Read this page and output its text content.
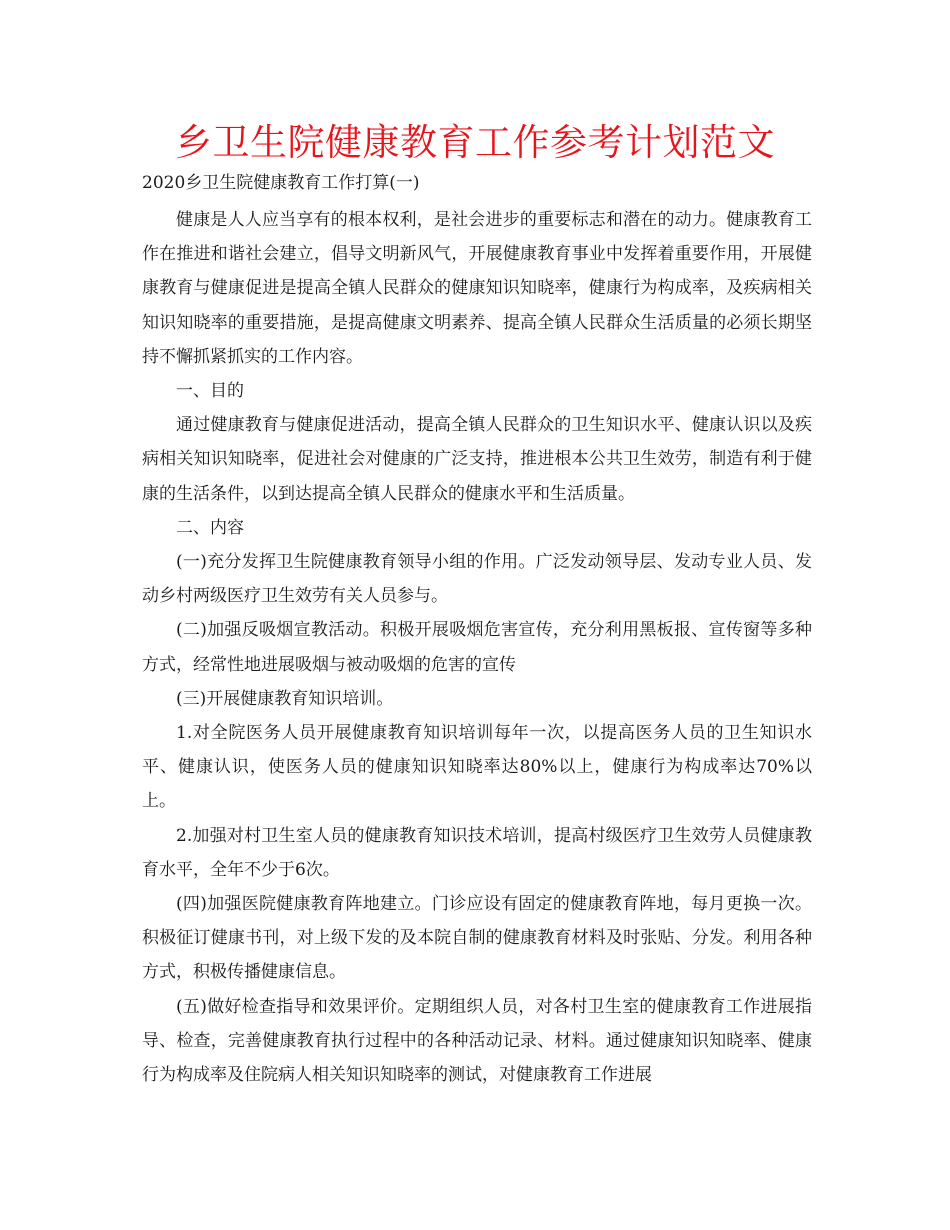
乡卫生院健康教育工作参考计划范文

2020乡卫生院健康教育工作打算(一)

健康是人人应当享有的根本权利，是社会进步的重要标志和潜在的动力。健康教育工作在推进和谐社会建立，倡导文明新风气，开展健康教育事业中发挥着重要作用，开展健康教育与健康促进是提高全镇人民群众的健康知识知晓率，健康行为构成率，及疾病相关知识知晓率的重要措施，是提高健康文明素养、提高全镇人民群众生活质量的必须长期坚持不懈抓紧抓实的工作内容。

一、目的

通过健康教育与健康促进活动，提高全镇人民群众的卫生知识水平、健康认识以及疾病相关知识知晓率，促进社会对健康的广泛支持，推进根本公共卫生效劳，制造有利于健康的生活条件，以到达提高全镇人民群众的健康水平和生活质量。

二、内容

(一)充分发挥卫生院健康教育领导小组的作用。广泛发动领导层、发动专业人员、发动乡村两级医疗卫生效劳有关人员参与。

(二)加强反吸烟宣教活动。积极开展吸烟危害宣传，充分利用黑板报、宣传窗等多种方式，经常性地进展吸烟与被动吸烟的危害的宣传

(三)开展健康教育知识培训。

1.对全院医务人员开展健康教育知识培训每年一次，以提高医务人员的卫生知识水平、健康认识，使医务人员的健康知识知晓率达80%以上，健康行为构成率达70%以上。

2.加强对村卫生室人员的健康教育知识技术培训，提高村级医疗卫生效劳人员健康教育水平，全年不少于6次。

(四)加强医院健康教育阵地建立。门诊应设有固定的健康教育阵地，每月更换一次。积极征订健康书刊，对上级下发的及本院自制的健康教育材料及时张贴、分发。利用各种方式，积极传播健康信息。

(五)做好检查指导和效果评价。定期组织人员，对各村卫生室的健康教育工作进展指导、检查，完善健康教育执行过程中的各种活动记录、材料。通过健康知识知晓率、健康行为构成率及住院病人相关知识知晓率的测试，对健康教育工作进展
